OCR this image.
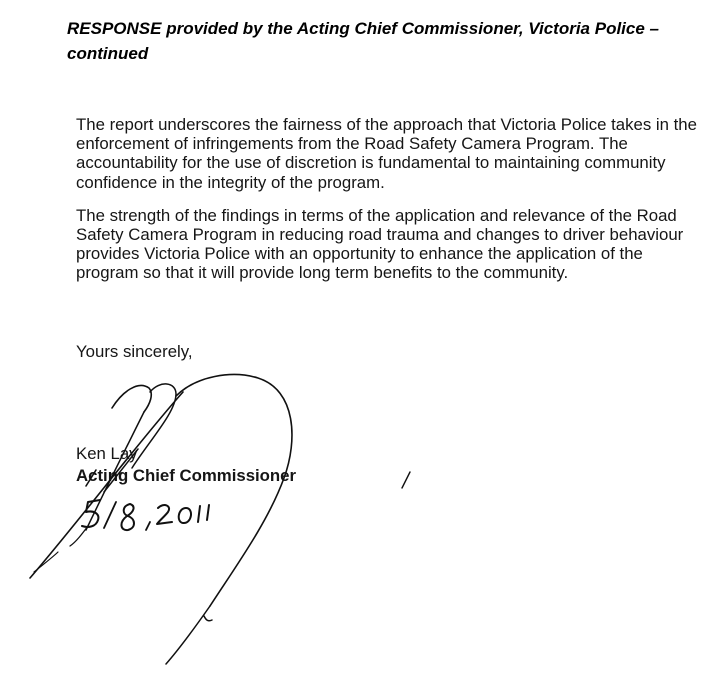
RESPONSE provided by the Acting Chief Commissioner, Victoria Police – continued

The report underscores the fairness of the approach that Victoria Police takes in the enforcement of infringements from the Road Safety Camera Program. The accountability for the use of discretion is fundamental to maintaining community confidence in the integrity of the program.

The strength of the findings in terms of the application and relevance of the Road Safety Camera Program in reducing road trauma and changes to driver behaviour provides Victoria Police with an opportunity to enhance the application of the program so that it will provide long term benefits to the community.

Yours sincerely,
Ken Lay
Acting Chief Commissioner
